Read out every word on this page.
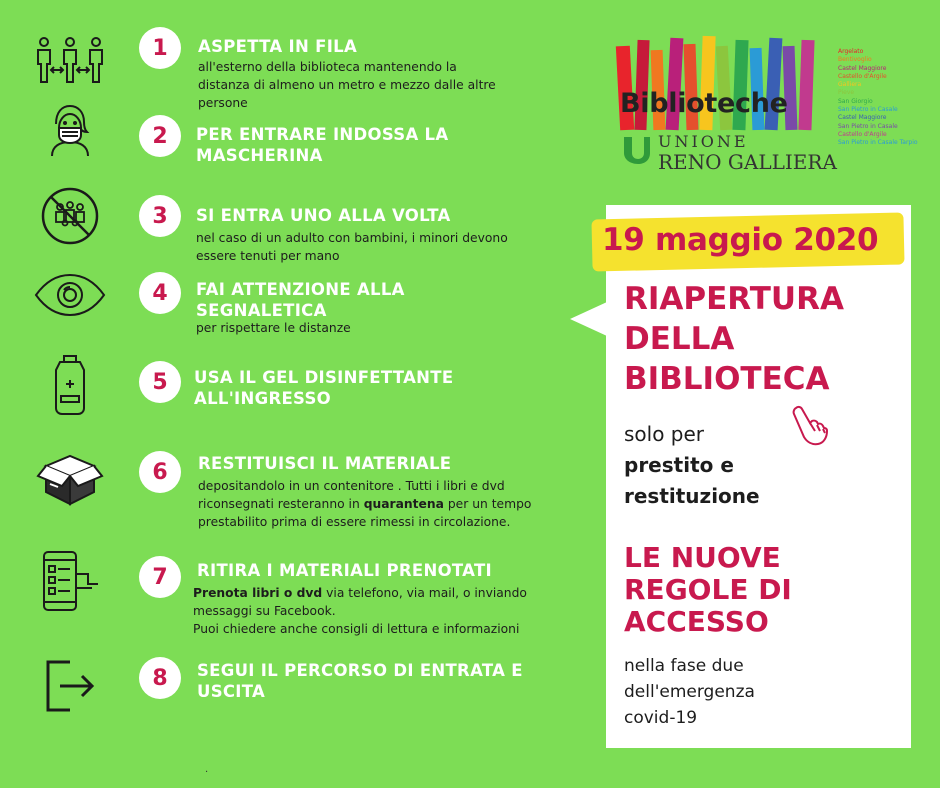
1 ASPETTA IN FILA
all'esterno della biblioteca mantenendo la distanza di almeno un metro e mezzo dalle altre persone
2 PER ENTRARE INDOSSA LA MASCHERINA
3 SI ENTRA UNO ALLA VOLTA
nel caso di un adulto con bambini, i minori devono essere tenuti per mano
4 FAI ATTENZIONE ALLA SEGNALETICA
per rispettare le distanze
5 USA IL GEL DISINFETTANTE ALL'INGRESSO
6 RESTITUISCI IL MATERIALE
depositandolo in un contenitore . Tutti i libri e dvd riconsegnati resteranno in quarantena per un tempo prestabilito prima di essere rimessi in circolazione.
7 RITIRA I MATERIALI PRENOTATI
Prenota libri o dvd via telefono, via mail, o inviando messaggi su Facebook.
Puoi chiedere anche consigli di lettura e informazioni
8 SEGUI IL PERCORSO DI ENTRATA E USCITA
.
Biblioteche
UNIONE
RENO GALLIERA
Argelato
Bentivoglio
Castel Maggiore
Castello d'Argile
Galliera
Pieve
San Giorgio
San Pietro in Casale
Castel Maggiore
San Pietro in Casale
Castello d'Argile
San Pietro in Casale Tarpio
19 maggio 2020
RIAPERTURA
DELLA
BIBLIOTECA
solo per
prestito e
restituzione
LE NUOVE
REGOLE DI
ACCESSO
nella fase due
dell'emergenza
covid-19
